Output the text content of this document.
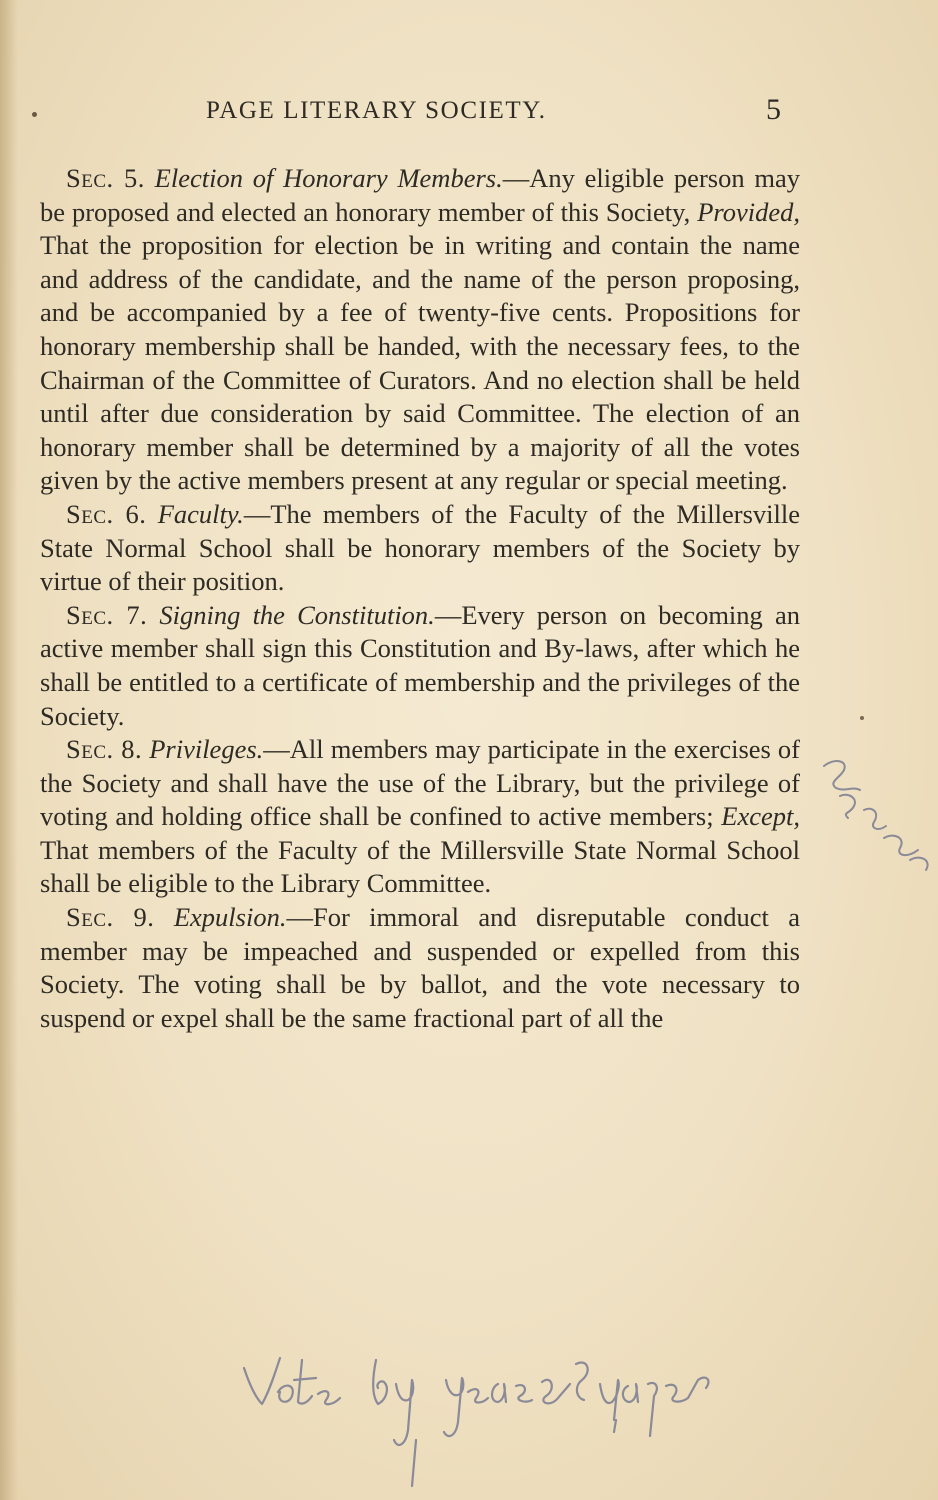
PAGE LITERARY SOCIETY.	5

Sec. 5. Election of Honorary Members.—Any eligible person may be proposed and elected an honorary member of this Society, Provided, That the proposition for election be in writing and contain the name and address of the candidate, and the name of the person proposing, and be accompanied by a fee of twenty-five cents. Propositions for honorary membership shall be handed, with the necessary fees, to the Chairman of the Committee of Curators. And no election shall be held until after due consideration by said Committee. The election of an honorary member shall be determined by a majority of all the votes given by the active members present at any regular or special meeting.

Sec. 6. Faculty.—The members of the Faculty of the Millersville State Normal School shall be honorary members of the Society by virtue of their position.

Sec. 7. Signing the Constitution.—Every person on becoming an active member shall sign this Constitution and By-laws, after which he shall be entitled to a certificate of membership and the privileges of the Society.

Sec. 8. Privileges.—All members may participate in the exercises of the Society and shall have the use of the Library, but the privilege of voting and holding office shall be confined to active members; Except, That members of the Faculty of the Millersville State Normal School shall be eligible to the Library Committee.

Sec. 9. Expulsion.—For immoral and disreputable conduct a member may be impeached and suspended or expelled from this Society. The voting shall be by ballot, and the vote necessary to suspend or expel shall be the same fractional part of all the
